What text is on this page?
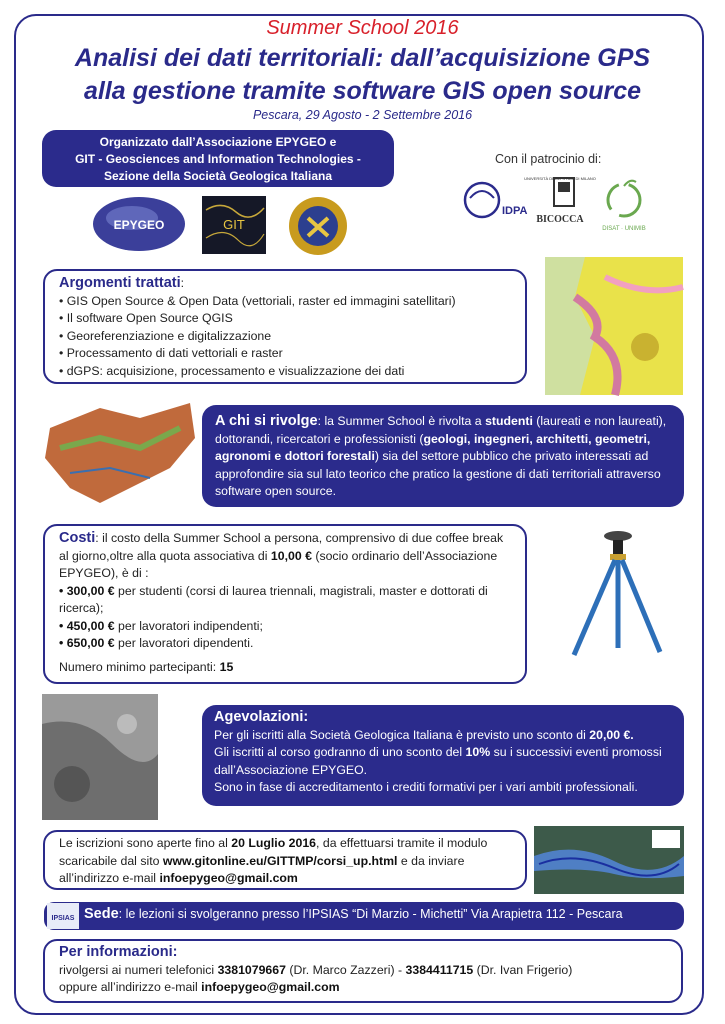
Summer School 2016
Analisi dei dati territoriali: dall’acquisizione GPS
alla gestione tramite software GIS open source
Pescara, 29 Agosto - 2 Settembre 2016
Organizzato dall’Associazione EPYGEO e
GIT - Geosciences and Information Technologies -
Sezione della Società Geologica Italiana
EPYGEO	GIT
Con il patrocinio di:
IDPA
UNIVERSITÀ DEGLI STUDI DI MILANO
BICOCCA
DISAT · UNIMIB
Argomenti trattati:
• GIS Open Source & Open Data (vettoriali, raster ed immagini satellitari)
• Il software Open Source QGIS
• Georeferenziazione e digitalizzazione
• Processamento di dati vettoriali e raster
• dGPS: acquisizione, processamento e visualizzazione dei dati
A chi si rivolge: la Summer School è rivolta a studenti (laureati e non laureati), dottorandi, ricercatori e professionisti (geologi, ingegneri, architetti, geometri, agronomi e dottori forestali) sia del settore pubblico che privato interessati ad approfondire sia sul lato teorico che pratico la gestione di dati territoriali attraverso software open source.
Costi: il costo della Summer School a persona, comprensivo di due coffee break al giorno,oltre alla quota associativa di 10,00 € (socio ordinario dell’Associazione EPYGEO), è di :
• 300,00 € per studenti (corsi di laurea triennali, magistrali, master e dottorati di ricerca);
• 450,00 € per lavoratori indipendenti;
• 650,00 € per lavoratori dipendenti.
Numero minimo partecipanti: 15
Agevolazioni:
Per gli iscritti alla Società Geologica Italiana è previsto uno sconto di 20,00 €.
Gli iscritti al corso godranno di uno sconto del 10% su i successivi eventi promossi dall’Associazione EPYGEO.
Sono in fase di accreditamento i crediti formativi per i vari ambiti professionali.
Le iscrizioni sono aperte fino al 20 Luglio 2016, da effettuarsi tramite il modulo scaricabile dal sito www.gitonline.eu/GITTMP/corsi_up.html e da inviare all’indirizzo e-mail infoepygeo@gmail.com
Sede: le lezioni si svolgeranno presso l’IPSIAS “Di Marzio - Michetti” Via Arapietra 112 - Pescara
IPSIAS
Per informazioni:
rivolgersi ai numeri telefonici 3381079667 (Dr. Marco Zazzeri) - 3384411715 (Dr. Ivan Frigerio)
oppure all’indirizzo e-mail infoepygeo@gmail.com
